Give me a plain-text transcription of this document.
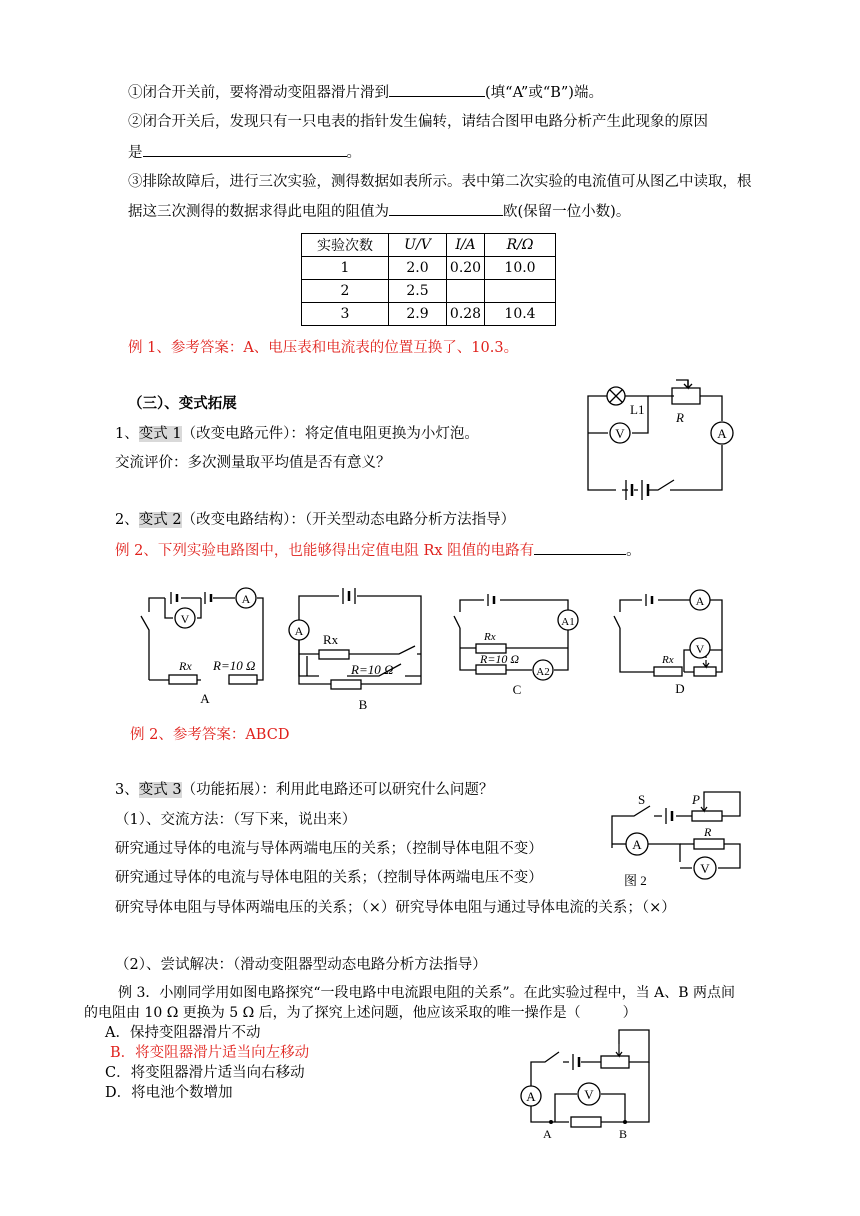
①闭合开关前，要将滑动变阻器滑片滑到	(填“A”或“B”)端。
②闭合开关后，发现只有一只电表的指针发生偏转，请结合图甲电路分析产生此现象的原因
是	。
③排除故障后，进行三次实验，测得数据如表所示。表中第二次实验的电流值可从图乙中读取，根
据这三次测得的数据求得此电阻的阻值为	欧(保留一位小数)。
实验次数	U/V	I/A	R/Ω
1	2.0	0.20	10.0
2	2.5		
3	2.9	0.28	10.4
例 1、参考答案：A、电压表和电流表的位置互换了、10.3。
（三）、变式拓展
1、变式 1（改变电路元件）：将定值电阻更换为小灯泡。
交流评价：多次测量取平均值是否有意义？
2、变式 2（改变电路结构）：（开关型动态电路分析方法指导）
例 2、下列实验电路图中，也能够得出定值电阻 Rx 阻值的电路有	。
例 2、参考答案：ABCD
3、变式 3（功能拓展）：利用此电路还可以研究什么问题？
（1）、交流方法：（写下来，说出来）
研究通过导体的电流与导体两端电压的关系；（控制导体电阻不变）
研究通过导体的电流与导体电阻的关系；（控制导体两端电压不变）
研究导体电阻与导体两端电压的关系；（×）研究导体电阻与通过导体电流的关系；（×）
（2）、尝试解决：（滑动变阻器型动态电路分析方法指导）
例 3．小刚同学用如图电路探究“一段电路中电流跟电阻的关系”。在此实验过程中，当 A、B 两点间
的电阻由 10 Ω 更换为 5 Ω 后，为了探究上述问题，他应该采取的唯一操作是（　　　）
A．保持变阻器滑片不动
B．将变阻器滑片适当向左移动
C．将变阻器滑片适当向右移动
D．将电池个数增加
V	A
L1
R
V
A
Rx R=10 Ω
A
A
Rx
R=10 Ω
B
A1
A2
Rx
R=10 Ω
C
A
V
Rx
D
A
V
S	P
R
图 2
A	V
A	B
